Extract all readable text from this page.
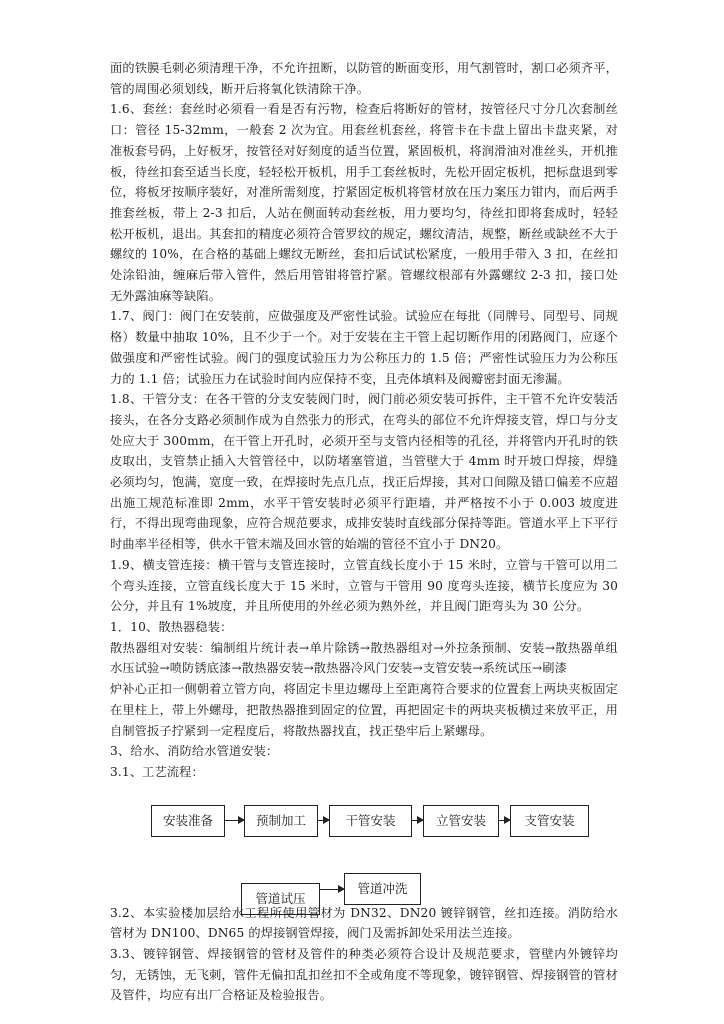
面的铁膜毛刺必须清理干净，不允许扭断，以防管的断面变形，用气割管时，割口必须齐平，管的周围必须划线，断开后将氧化铁清除干净。

1.6、套丝：套丝时必须看一看是否有污物，检查后将断好的管材，按管径尺寸分几次套制丝口：管径 15-32mm，一般套 2 次为宜。用套丝机套丝，将管卡在卡盘上留出卡盘夹紧，对准板套号码，上好板牙，按管径对好刻度的适当位置，紧固板机，将润滑油对准丝头，开机推板，待丝扣套至适当长度，轻轻松开板机，用手工套丝板时，先松开固定板机，把标盘退到零位，将板牙按顺序装好，对准所需刻度，拧紧固定板机将管材放在压力案压力钳内，而后两手推套丝板，带上 2-3 扣后，人站在侧面转动套丝板，用力要均匀，待丝扣即将套成时，轻轻松开板机，退出。其套扣的精度必须符合管罗纹的规定，螺纹清洁，规整，断丝或缺丝不大于螺纹的 10%，在合格的基础上螺纹无断丝，套扣后试试松紧度，一般用手带入 3 扣，在丝扣处涂铅油，缠麻后带入管件，然后用管钳将管拧紧。管螺纹根部有外露螺纹 2-3 扣，接口处无外露油麻等缺陷。

1.7、阀门：阀门在安装前，应做强度及严密性试验。试验应在每批（同牌号、同型号、同规格）数量中抽取 10%，且不少于一个。对于安装在主干管上起切断作用的闭路阀门，应逐个做强度和严密性试验。阀门的强度试验压力为公称压力的 1.5 倍；严密性试验压力为公称压力的 1.1 倍；试验压力在试验时间内应保持不变，且壳体填料及阀瓣密封面无渗漏。

1.8、干管分支：在各干管的分支安装阀门时，阀门前必须安装可拆件，主干管不允许安装活接头，在各分支路必须制作成为自然张力的形式，在弯头的部位不允许焊接支管，焊口与分支处应大于 300mm，在干管上开孔时，必须开至与支管内径相等的孔径，并将管内开孔时的铁皮取出，支管禁止插入大管管径中，以防堵塞管道，当管壁大于 4mm 时开坡口焊接，焊缝必须均匀，饱满，宽度一致，在焊接时先点几点，找正后焊接，其对口间隙及错口偏差不应超出施工规范标准即 2mm，水平干管安装时必须平行距墙，并严格按不小于 0.003 坡度进行，不得出现弯曲现象，应符合规范要求，成排安装时直线部分保持等距。管道水平上下平行时曲率半径相等，供水干管末端及回水管的始端的管径不宜小于 DN20。

1.9、横支管连接：横干管与支管连接时，立管直线长度小于 15 米时，立管与干管可以用二个弯头连接，立管直线长度大于 15 米时，立管与干管用 90 度弯头连接，横节长度应为 30 公分，并且有 1%坡度，并且所使用的外丝必须为熟外丝，并且阀门距弯头为 30 公分。

1．10、散热器稳装：

散热器组对安装：编制组片统计表→单片除锈→散热器组对→外拉条预制、安装→散热器单组水压试验→喷防锈底漆→散热器安装→散热器冷风门安装→支管安装→系统试压→刷漆

炉补心正扣一侧朝着立管方向，将固定卡里边螺母上至距离符合要求的位置套上两块夹板固定在里柱上，带上外螺母，把散热器推到固定的位置，再把固定卡的两块夹板横过来放平正，用自制管扳子拧紧到一定程度后，将散热器找直，找正垫牢后上紧螺母。

3、给水、消防给水管道安装：

3.1、工艺流程：

安装准备	预制加工	干管安装	立管安装	支管安装
管道试压
管道冲洗

3.2、本实验楼加层给水工程所使用管材为 DN32、DN20 镀锌钢管，丝扣连接。消防给水管材为 DN100、DN65 的焊接钢管焊接，阀门及需拆卸处采用法兰连接。

3.3、镀锌钢管、焊接钢管的管材及管件的种类必须符合设计及规范要求，管壁内外镀锌均匀，无锈蚀，无飞刺，管件无偏扣乱扣丝扣不全或角度不等现象，镀锌钢管、焊接钢管的管材及管件，均应有出厂合格证及检验报告。
